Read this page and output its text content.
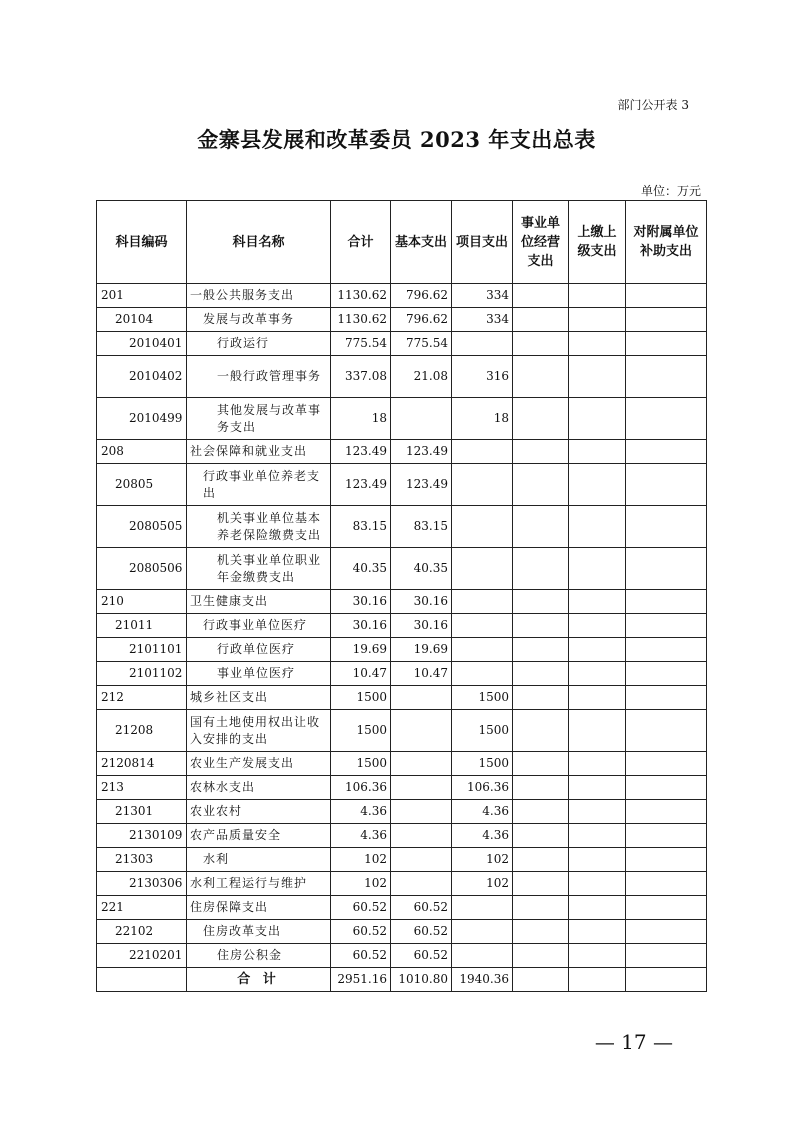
部门公开表 3
金寨县发展和改革委员 2023 年支出总表
单位：万元
科目编码	科目名称	合计	基本支出	项目支出	事业单位经营支出	上缴上级支出	对附属单位补助支出
201	一般公共服务支出	1130.62	796.62	334			
20104	发展与改革事务	1130.62	796.62	334			
2010401	行政运行	775.54	775.54				
2010402	一般行政管理事务	337.08	21.08	316			
2010499	其他发展与改革事务支出	18		18			
208	社会保障和就业支出	123.49	123.49				
20805	行政事业单位养老支出	123.49	123.49				
2080505	机关事业单位基本养老保险缴费支出	83.15	83.15				
2080506	机关事业单位职业年金缴费支出	40.35	40.35				
210	卫生健康支出	30.16	30.16				
21011	行政事业单位医疗	30.16	30.16				
2101101	行政单位医疗	19.69	19.69				
2101102	事业单位医疗	10.47	10.47				
212	城乡社区支出	1500		1500			
21208	国有土地使用权出让收入安排的支出	1500		1500			
2120814	农业生产发展支出	1500		1500			
213	农林水支出	106.36		106.36			
21301	农业农村	4.36		4.36			
2130109	农产品质量安全	4.36		4.36			
21303	水利	102		102			
2130306	水利工程运行与维护	102		102			
221	住房保障支出	60.52	60.52				
22102	住房改革支出	60.52	60.52				
2210201	住房公积金	60.52	60.52				
	合 计	2951.16	1010.80	1940.36			
— 17 —
